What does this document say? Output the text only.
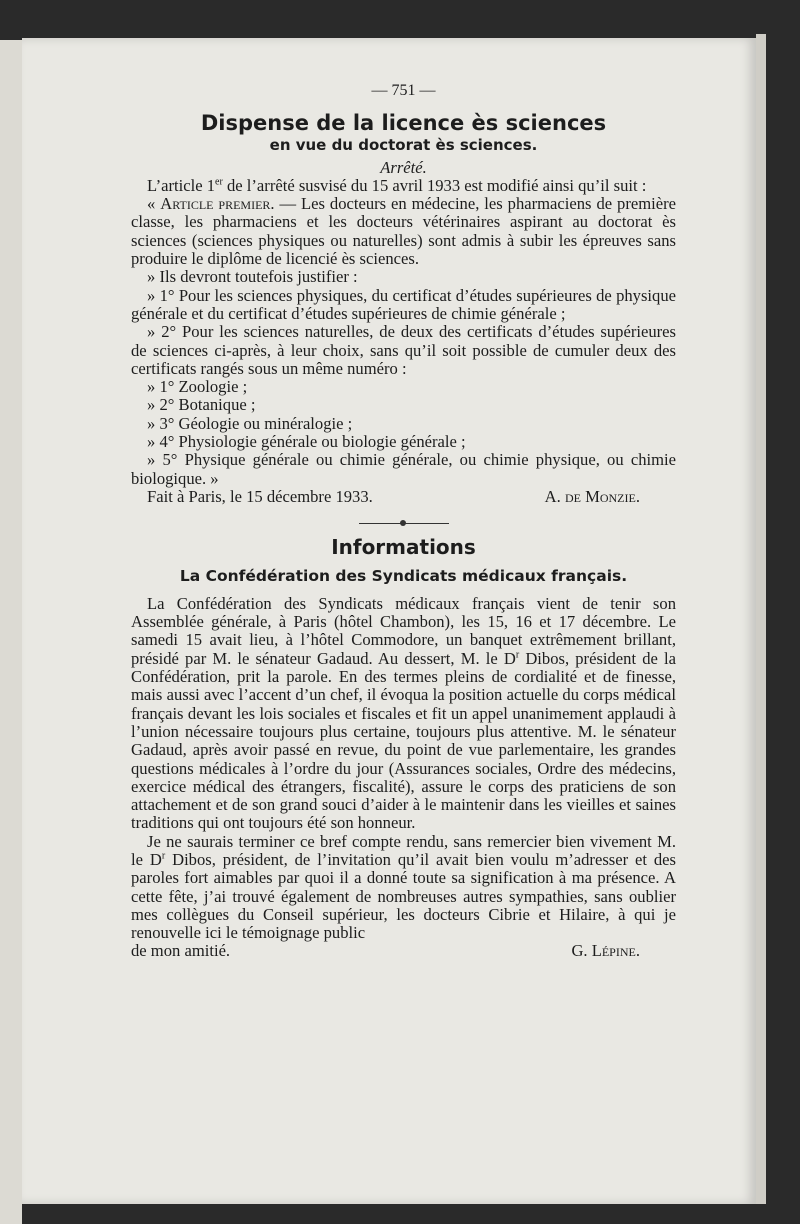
— 751 —
Dispense de la licence ès sciences
en vue du doctorat ès sciences.
Arrêté.

L’article 1er de l’arrêté susvisé du 15 avril 1933 est modifié ainsi qu’il suit :

« Article premier. — Les docteurs en médecine, les pharmaciens de première classe, les pharmaciens et les docteurs vétérinaires aspirant au doctorat ès sciences (sciences physiques ou naturelles) sont admis à subir les épreuves sans produire le diplôme de licencié ès sciences.

» Ils devront toutefois justifier :

» 1° Pour les sciences physiques, du certificat d’études supérieures de physique générale et du certificat d’études supérieures de chimie générale ;

» 2° Pour les sciences naturelles, de deux des certificats d’études supérieures de sciences ci-après, à leur choix, sans qu’il soit possible de cumuler deux des certificats rangés sous un même numéro :

» 1° Zoologie ;

» 2° Botanique ;

» 3° Géologie ou minéralogie ;

» 4° Physiologie générale ou biologie générale ;

» 5° Physique générale ou chimie générale, ou chimie physique, ou chimie biologique. »

Fait à Paris, le 15 décembre 1933.	A. de Monzie.
Informations
La Confédération des Syndicats médicaux français.

La Confédération des Syndicats médicaux français vient de tenir son Assemblée générale, à Paris (hôtel Chambon), les 15, 16 et 17 décembre. Le samedi 15 avait lieu, à l’hôtel Commodore, un banquet extrêmement brillant, présidé par M. le sénateur Gadaud. Au dessert, M. le $D^r$ Dibos, président de la Confédération, prit la parole. En des termes pleins de cordialité et de finesse, mais aussi avec l’accent d’un chef, il évoqua la position actuelle du corps médical français devant les lois sociales et fiscales et fit un appel unanimement applaudi à l’union nécessaire toujours plus certaine, toujours plus attentive. M. le sénateur Gadaud, après avoir passé en revue, du point de vue parlementaire, les grandes questions médicales à l’ordre du jour (Assurances sociales, Ordre des médecins, exercice médical des étrangers, fiscalité), assure le corps des praticiens de son attachement et de son grand souci d’aider à le maintenir dans les vieilles et saines traditions qui ont toujours été son honneur.

Je ne saurais terminer ce bref compte rendu, sans remercier bien vivement M. le $D^r$ Dibos, président, de l’invitation qu’il avait bien voulu m’adresser et des paroles fort aimables par quoi il a donné toute sa signification à ma présence. A cette fête, j’ai trouvé également de nombreuses autres sympathies, sans oublier mes collègues du Conseil supérieur, les docteurs Cibrie et Hilaire, à qui je renouvelle ici le témoignage public

de mon amitié.	G. Lépine.
